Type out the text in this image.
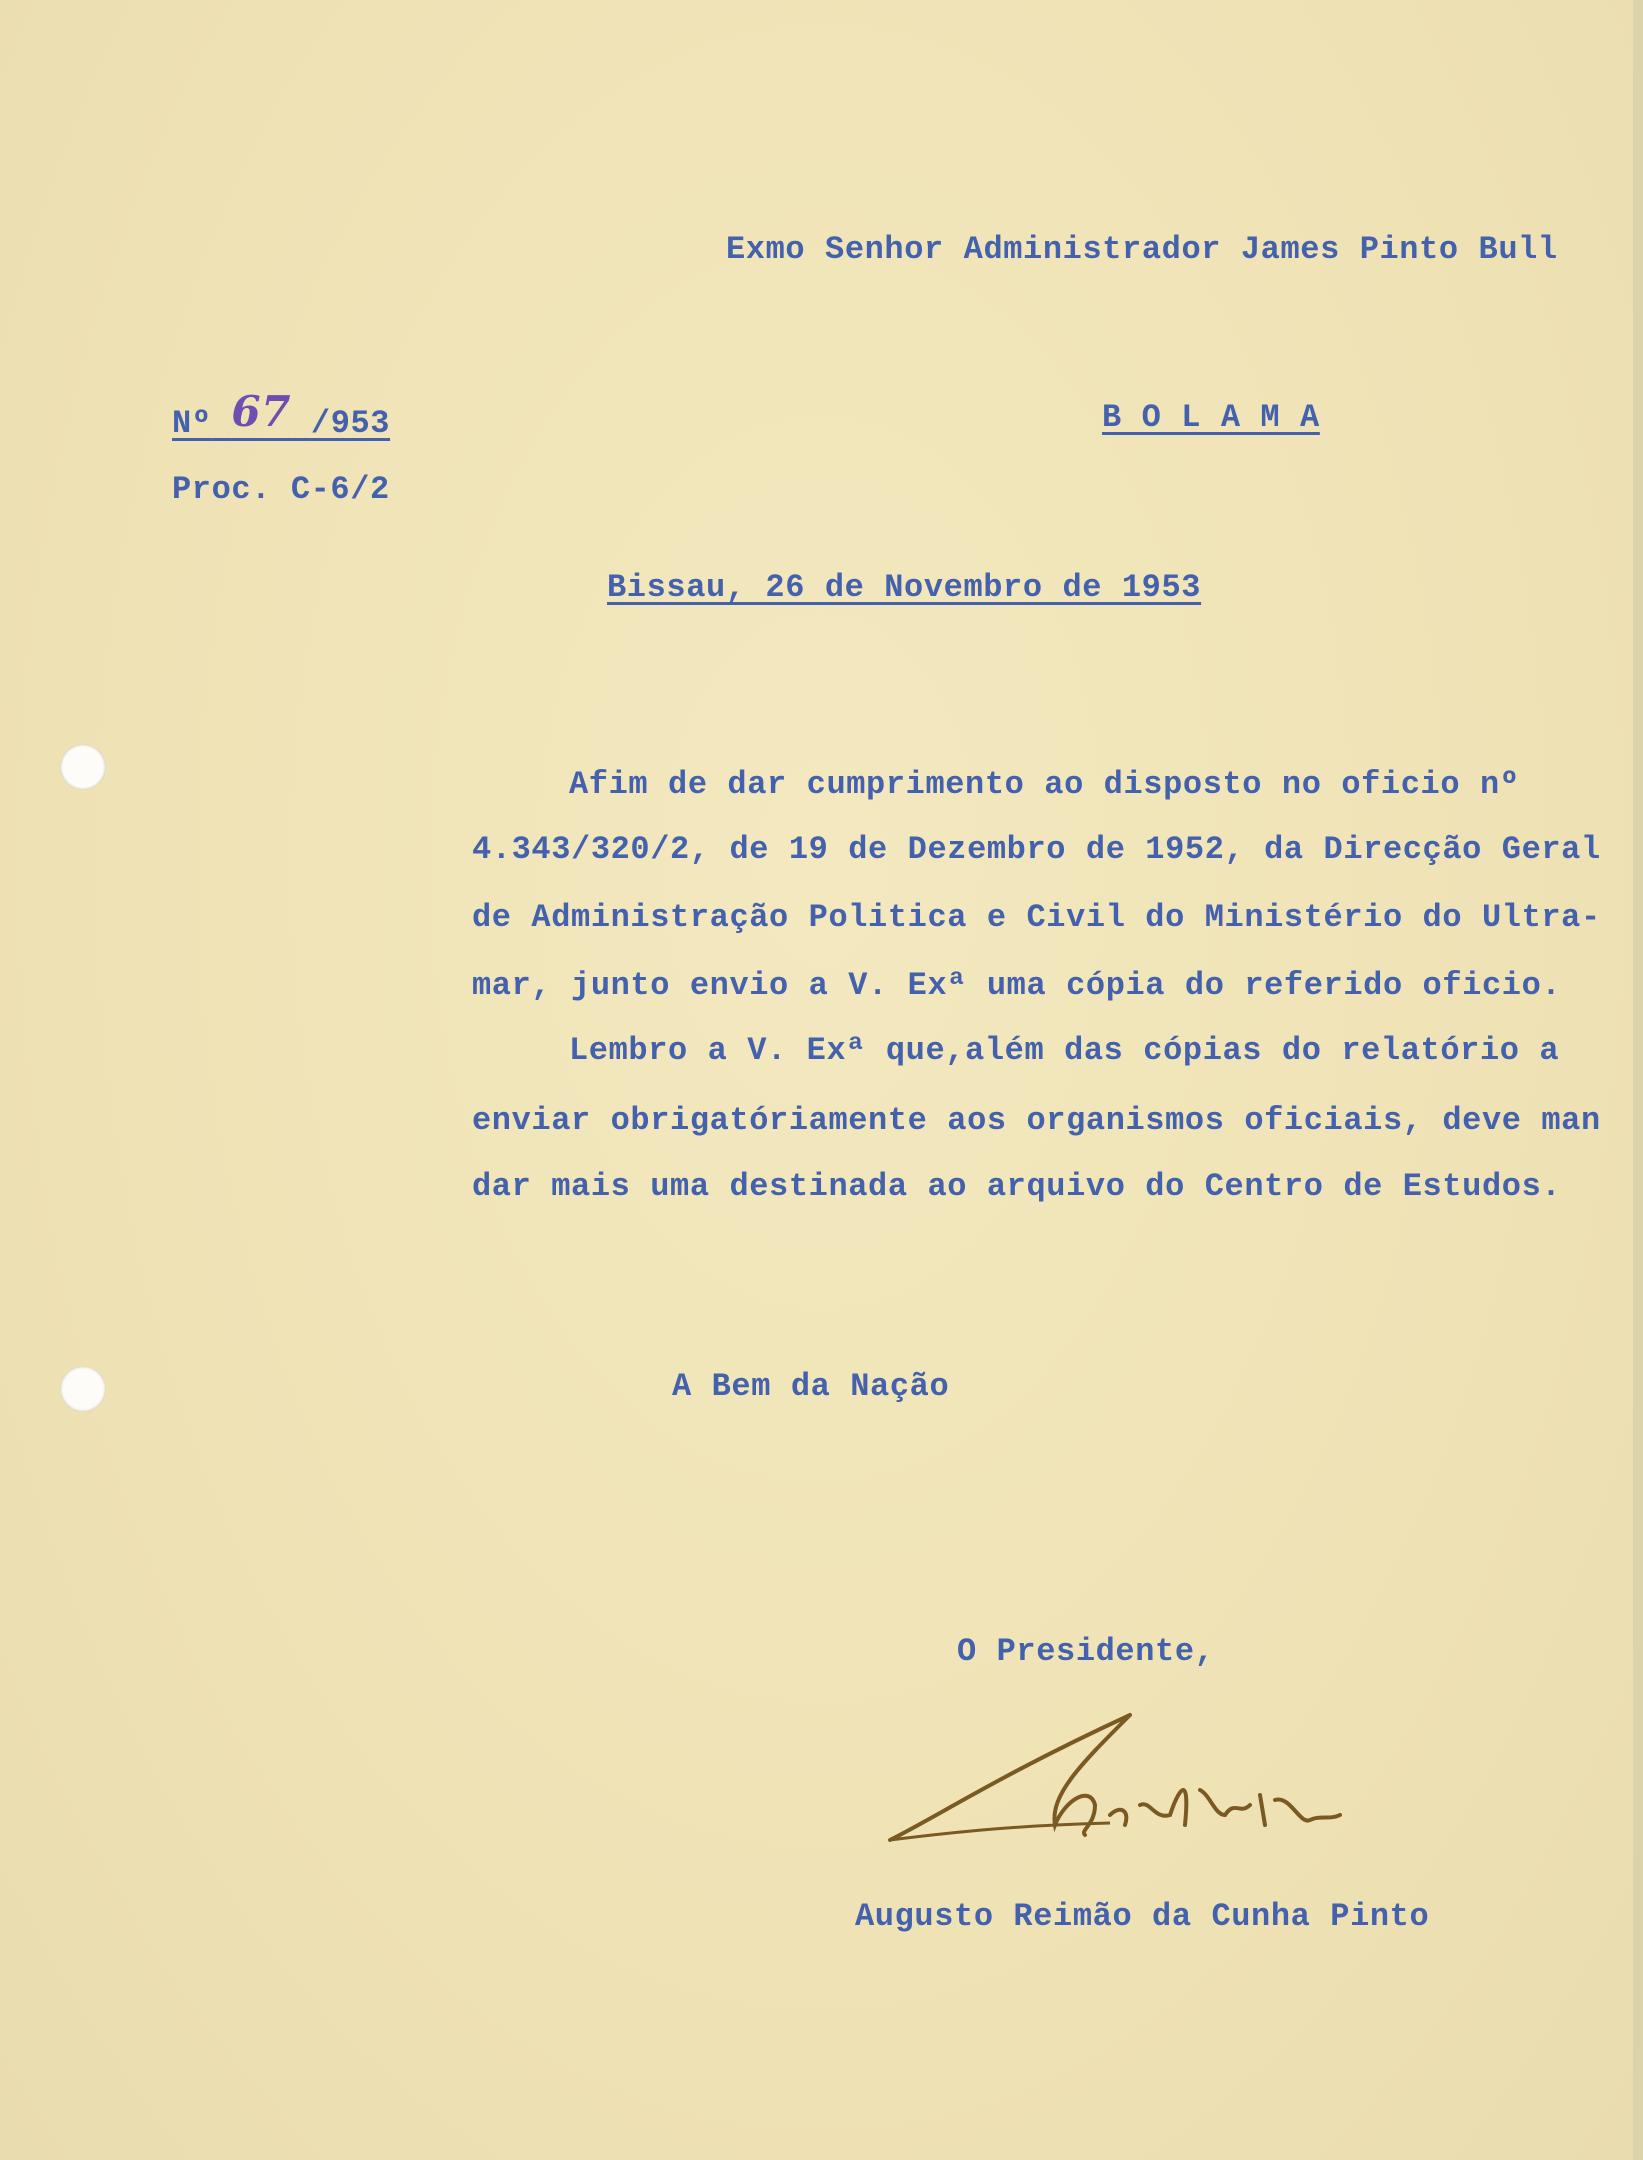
Exmo Senhor Administrador James Pinto Bull
Nº 67 /953	B O L A M A
Proc. C-6/2
Bissau, 26 de Novembro de 1953
Afim de dar cumprimento ao disposto no oficio nº
4.343/320/2, de 19 de Dezembro de 1952, da Direcção Geral
de Administração Politica e Civil do Ministério do Ultra-
mar, junto envio a V. Exª uma cópia do referido oficio.
Lembro a V. Exª que,além das cópias do relatório a
enviar obrigatóriamente aos organismos oficiais, deve man
dar mais uma destinada ao arquivo do Centro de Estudos.
A Bem da Nação
O Presidente,
Augusto Reimão da Cunha Pinto
